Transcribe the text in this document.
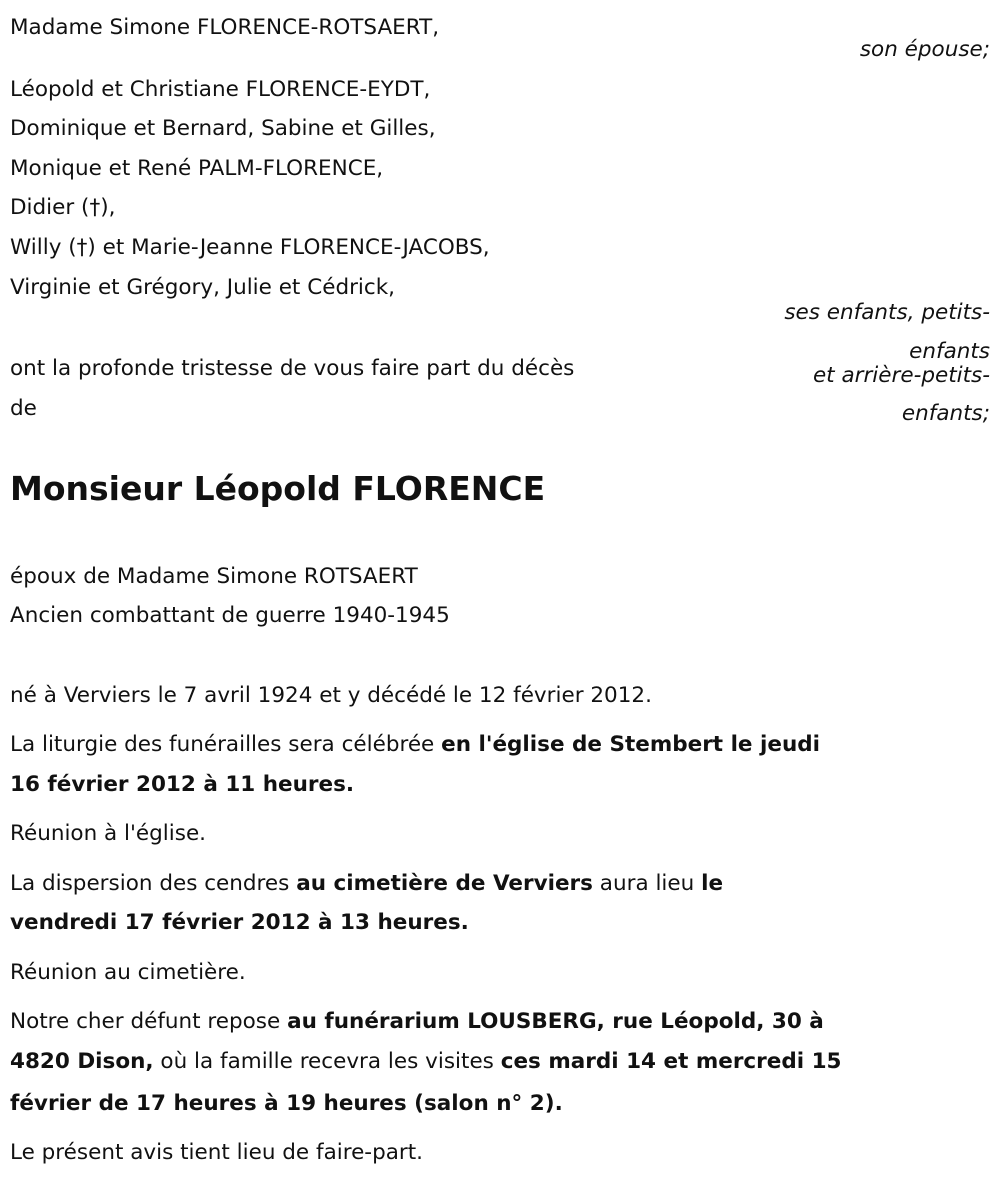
Madame Simone FLORENCE-ROTSAERT,
son épouse;
Léopold et Christiane FLORENCE-EYDT,
Dominique et Bernard, Sabine et Gilles,
Monique et René PALM-FLORENCE,
Didier (†),
Willy (†) et Marie-Jeanne FLORENCE-JACOBS,
Virginie et Grégory, Julie et Cédrick,
ses enfants, petits-
enfants
et arrière-petits-
enfants;
ont la profonde tristesse de vous faire part du décès
de
Monsieur Léopold FLORENCE
époux de Madame Simone ROTSAERT
Ancien combattant de guerre 1940-1945
né à Verviers le 7 avril 1924 et y décédé le 12 février 2012.
La liturgie des funérailles sera célébrée en l'église de Stembert le jeudi
16 février 2012 à 11 heures.
Réunion à l'église.
La dispersion des cendres au cimetière de Verviers aura lieu le
vendredi 17 février 2012 à 13 heures.
Réunion au cimetière.
Notre cher défunt repose au funérarium LOUSBERG, rue Léopold, 30 à
4820 Dison, où la famille recevra les visites ces mardi 14 et mercredi 15
février de 17 heures à 19 heures (salon n° 2).
Le présent avis tient lieu de faire-part.
